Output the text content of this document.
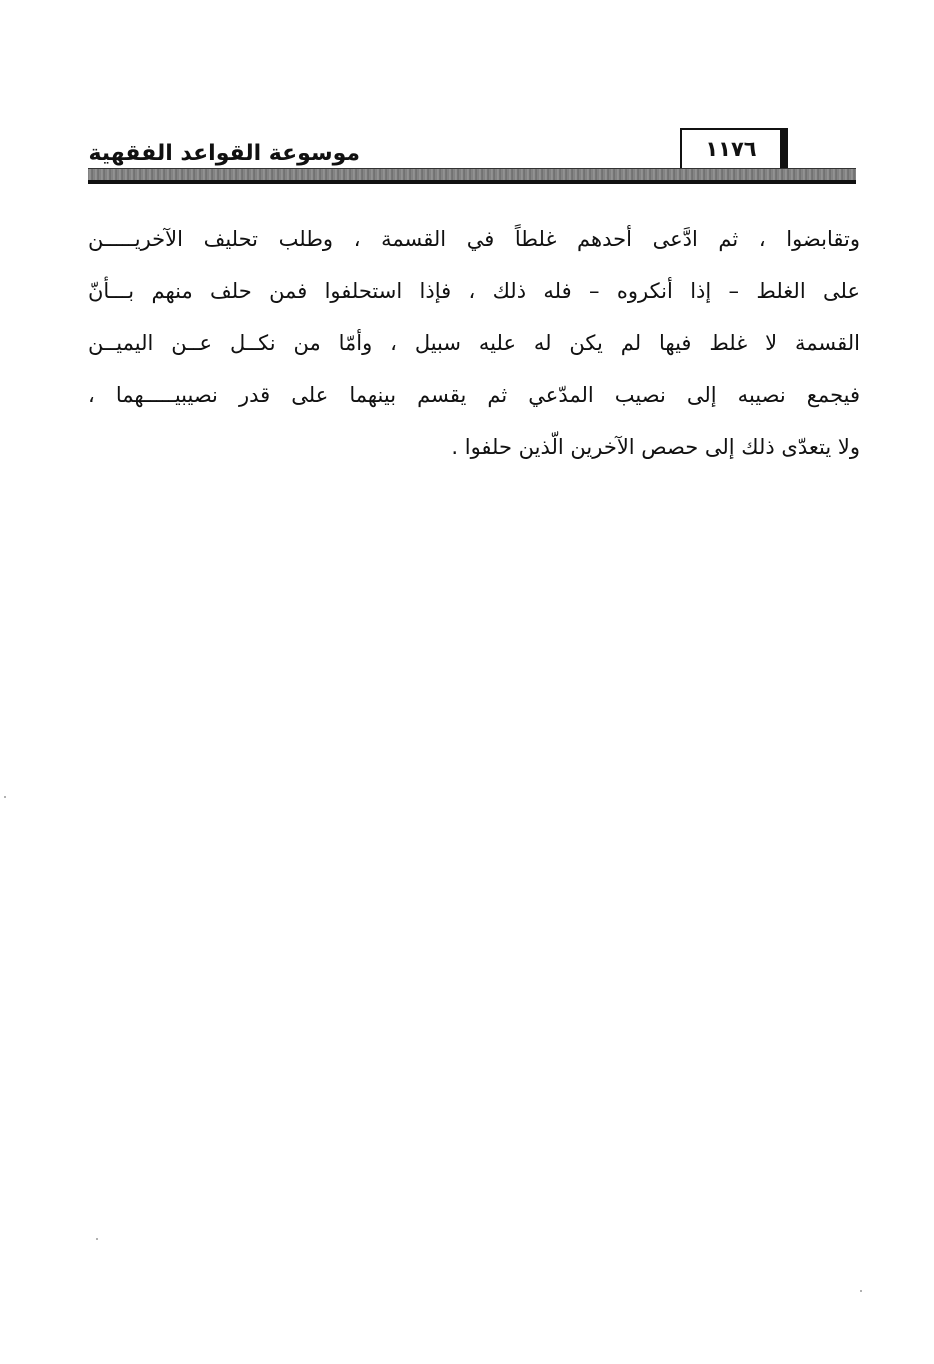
موسوعة القواعد الفقهية	١١٧٦
وتقابضوا ، ثم ادَّعى أحدهم غلطاً في القسمة ، وطلب تحليف الآخريـــــن
على الغلط – إذا أنكروه – فله ذلك ، فإذا استحلفوا فمن حلف منهم بـــأنّ
القسمة لا غلط فيها لم يكن له عليه سبيل ، وأمّا من نكــل عــن اليميــن
فيجمع نصيبه إلى نصيب المدّعي ثم يقسم بينهما على قدر نصيبيـــــهما ،
ولا يتعدّى ذلك إلى حصص الآخرين الّذين حلفوا .
